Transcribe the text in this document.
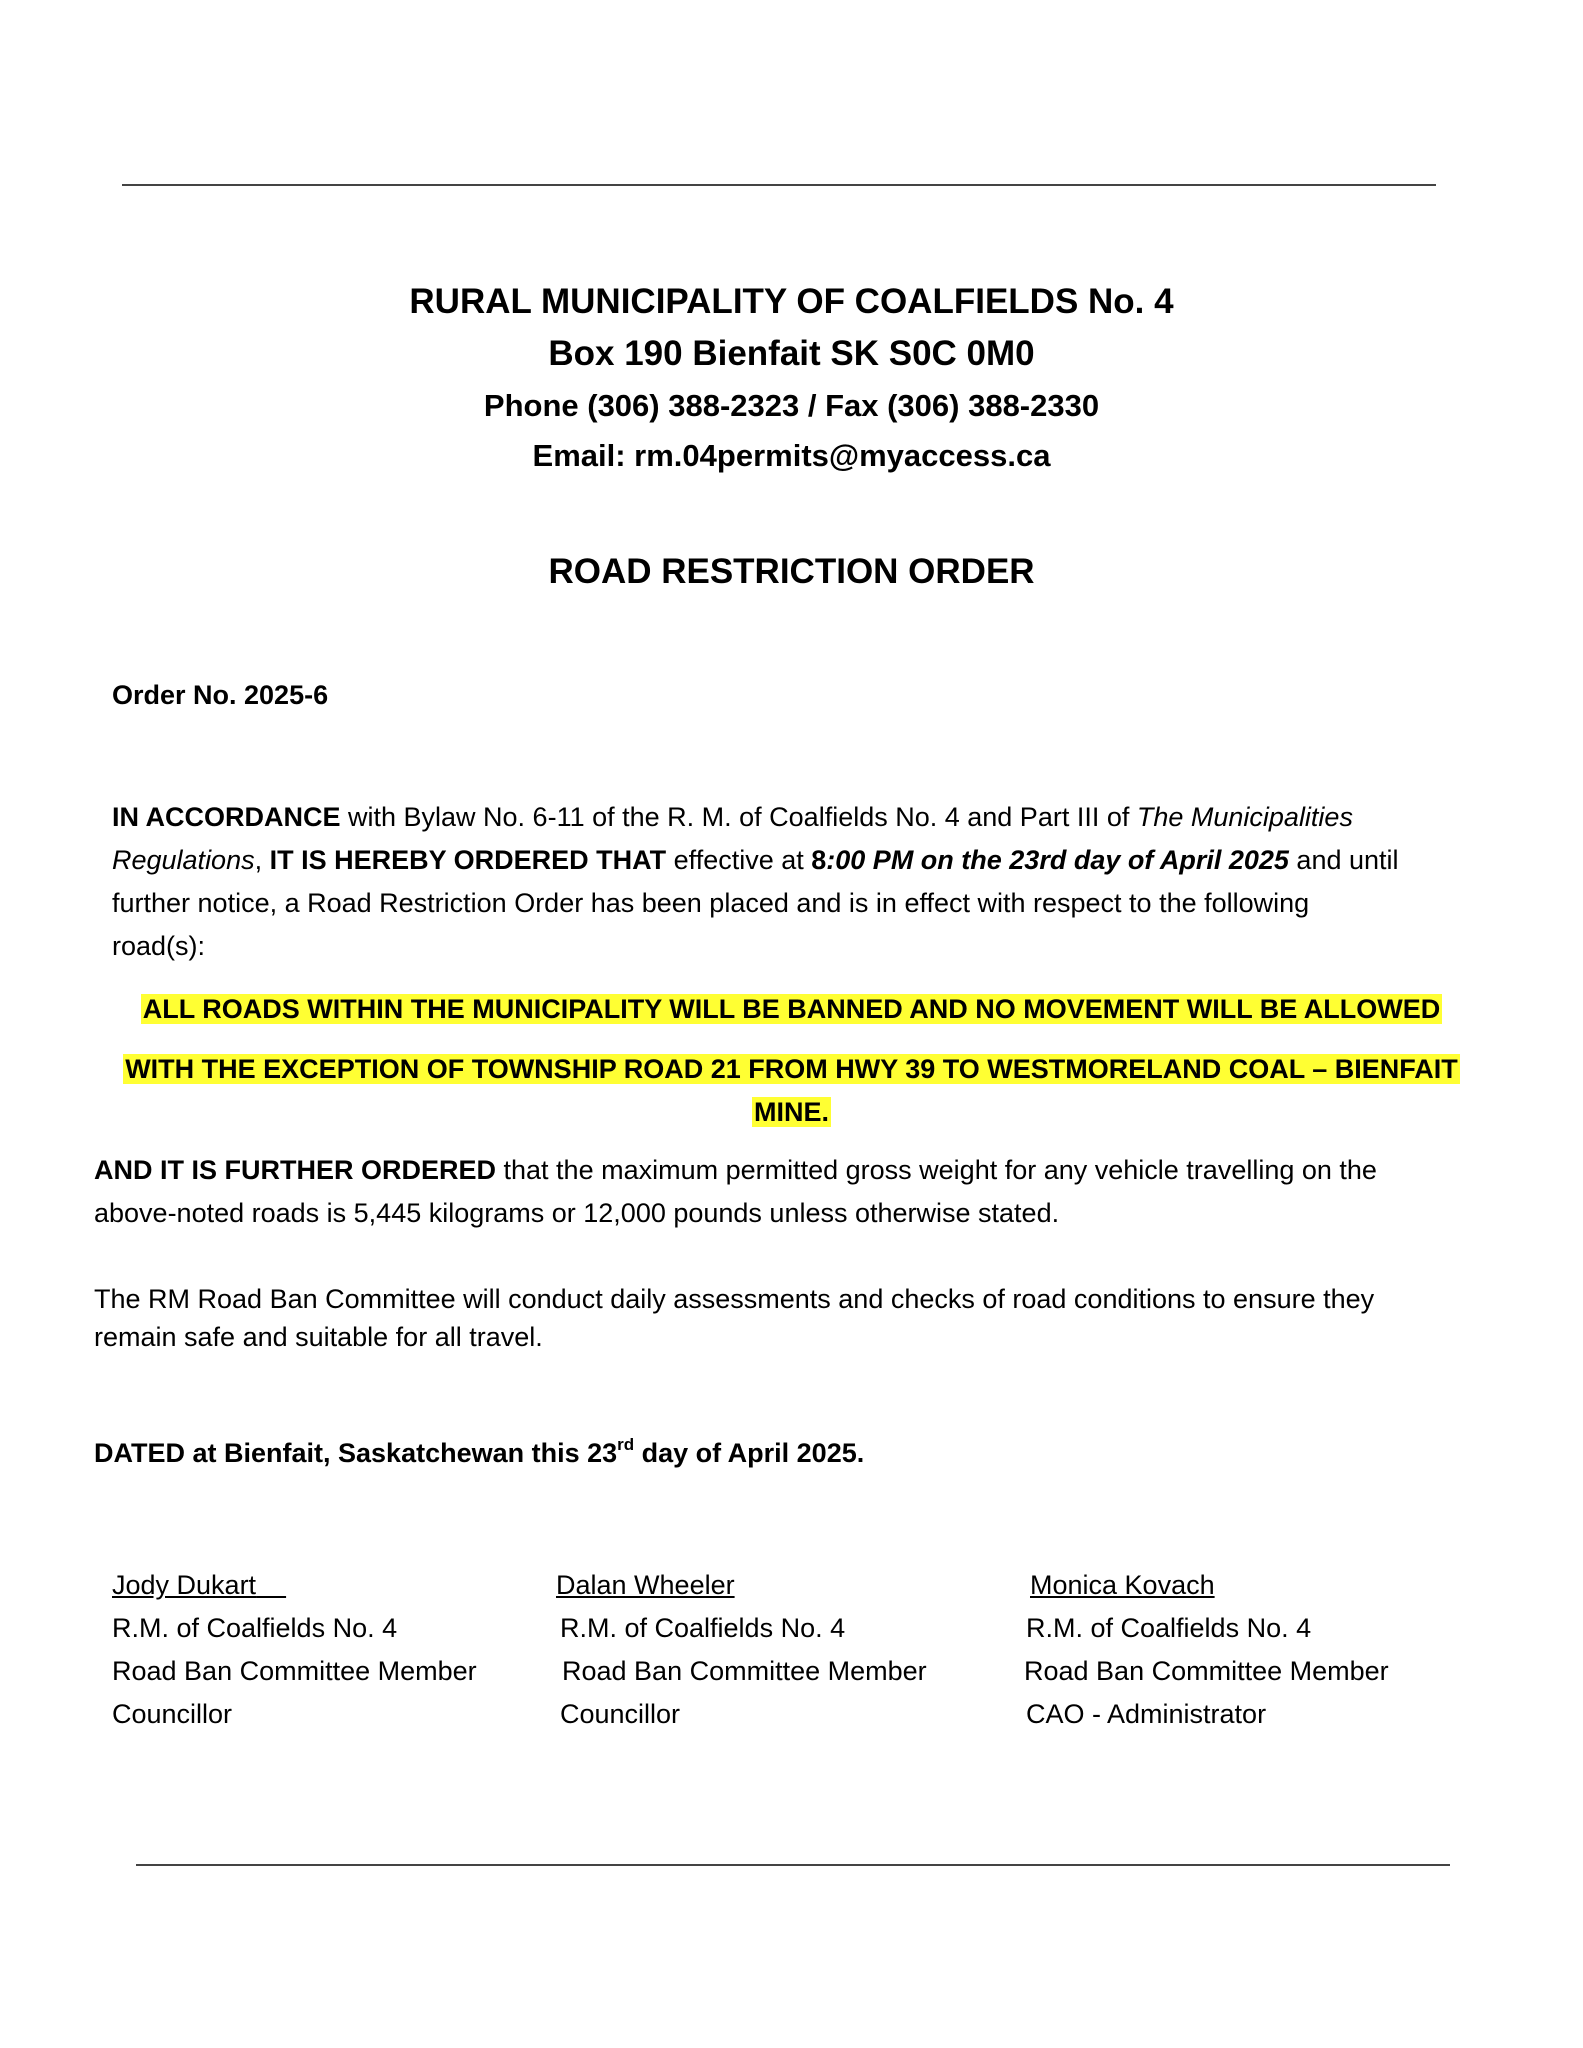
RURAL MUNICIPALITY OF COALFIELDS No. 4
Box 190 Bienfait SK S0C 0M0
Phone (306) 388-2323 / Fax (306) 388-2330
Email: rm.04permits@myaccess.ca
ROAD RESTRICTION ORDER
Order No. 2025-6
IN ACCORDANCE with Bylaw No. 6-11 of the R. M. of Coalfields No. 4 and Part III of The Municipalities
Regulations, IT IS HEREBY ORDERED THAT effective at 8:00 PM on the 23rd day of April 2025 and until
further notice, a Road Restriction Order has been placed and is in effect with respect to the following
road(s):
ALL ROADS WITHIN THE MUNICIPALITY WILL BE BANNED AND NO MOVEMENT WILL BE ALLOWED
WITH THE EXCEPTION OF TOWNSHIP ROAD 21 FROM HWY 39 TO WESTMORELAND COAL – BIENFAIT
MINE.
AND IT IS FURTHER ORDERED that the maximum permitted gross weight for any vehicle travelling on the
above-noted roads is 5,445 kilograms or 12,000 pounds unless otherwise stated.
The RM Road Ban Committee will conduct daily assessments and checks of road conditions to ensure they
remain safe and suitable for all travel.
DATED at Bienfait, Saskatchewan this 23rd day of April 2025.
Jody Dukart
R.M. of Coalfields No. 4
Road Ban Committee Member
Councillor
Dalan Wheeler
R.M. of Coalfields No. 4
Road Ban Committee Member
Councillor
Monica Kovach
R.M. of Coalfields No. 4
Road Ban Committee Member
CAO - Administrator
